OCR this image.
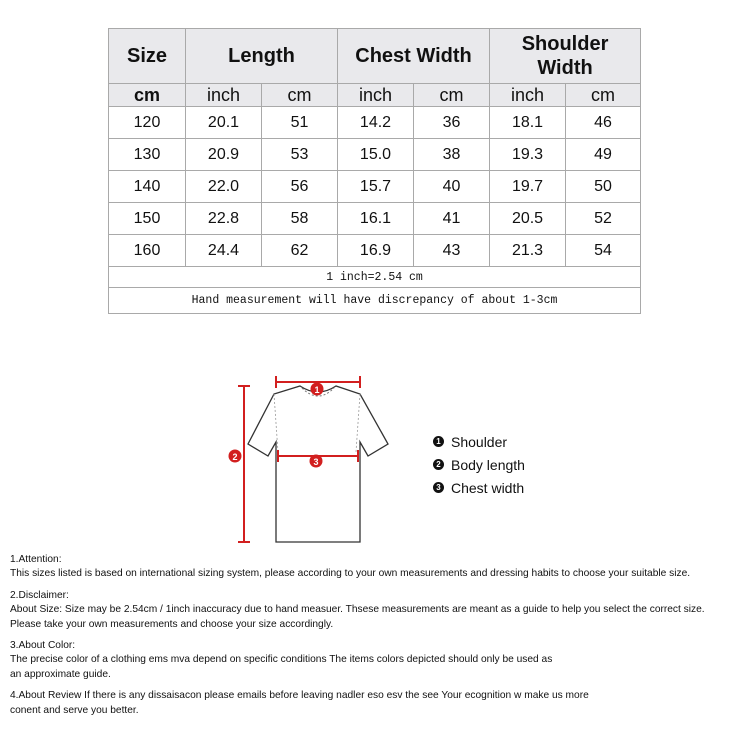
Size	Length		Chest Width		Shoulder
Width	
cm	inch	cm	inch	cm	inch	cm
120	20.1	51	14.2	36	18.1	46
130	20.9	53	15.0	38	19.3	49
140	22.0	56	15.7	40	19.7	50
150	22.8	58	16.1	41	20.5	52
160	24.4	62	16.9	43	21.3	54
1 inch=2.54 cm						
Hand measurement will have discrepancy of about 1-3cm						
1
2	3
1 Shoulder
2 Body length
3 Chest width

1.Attention:

This sizes listed is based on international sizing system, please according to your own measurements and dressing habits to choose your suitable size.

2.Disclaimer:

About Size: Size may be 2.54cm / 1inch inaccuracy due to hand measuer. Thsese measurements are meant as a guide to help you select the correct size.

Please take your own measurements and choose your size accordingly.

3.About Color:

The precise color of a clothing ems mva depend on specific conditions The items colors depicted should only be used as

an approximate guide.

4.About Review If there is any dissaisacon please emails before leaving nadler eso esv the see Your ecognition w make us more

conent and serve you better.
